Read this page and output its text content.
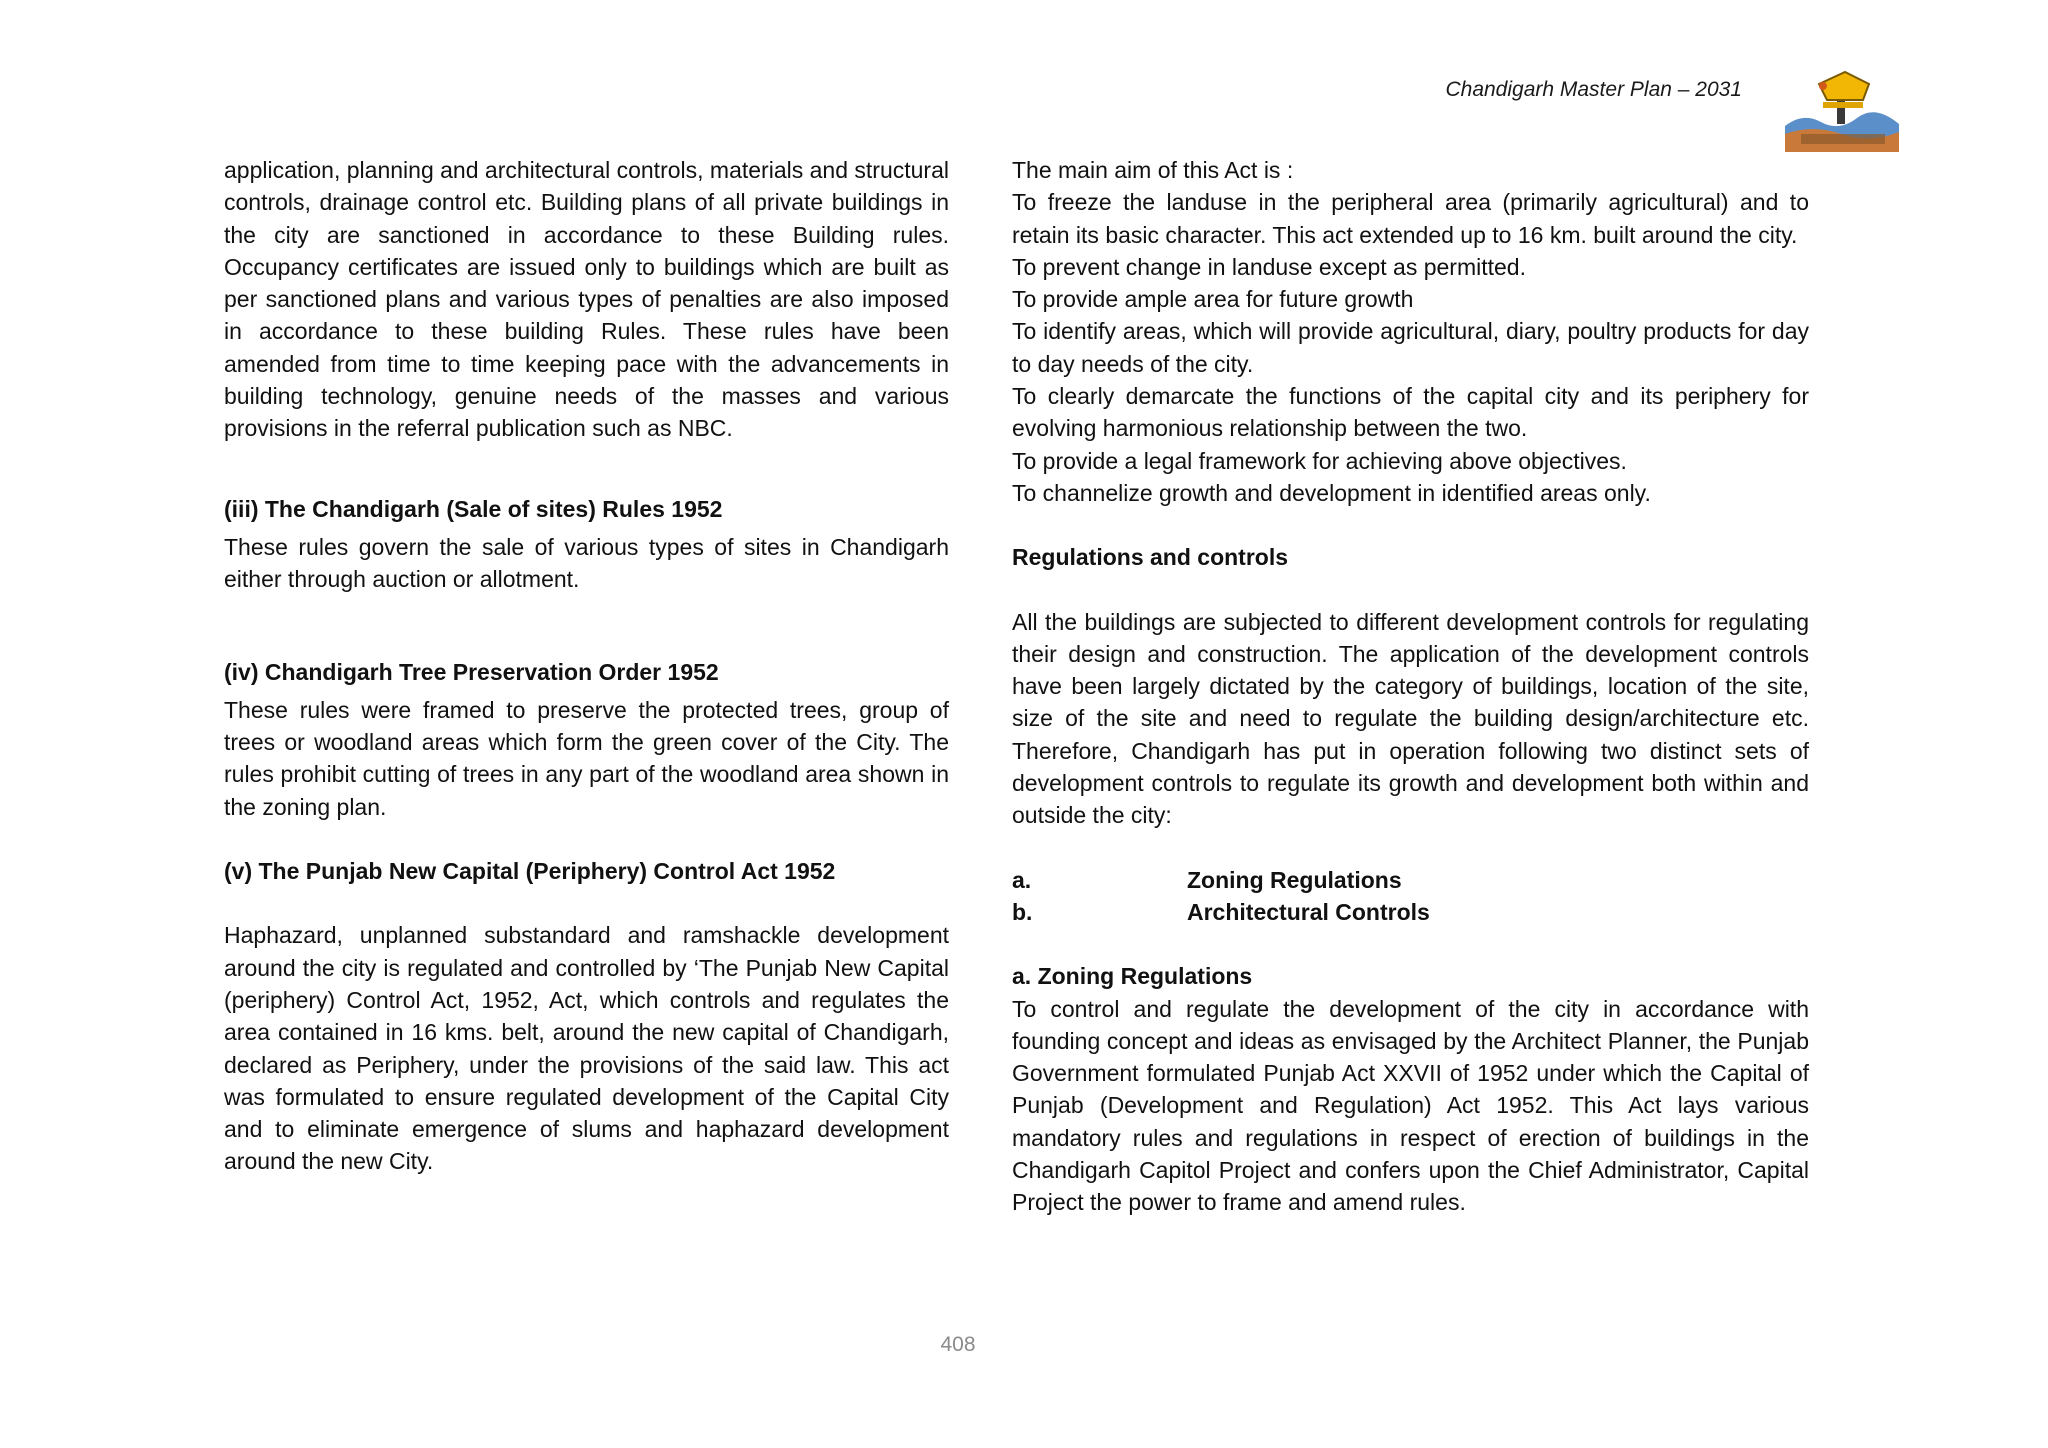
Chandigarh Master Plan – 2031

application, planning and architectural controls, materials and structural controls, drainage control etc. Building plans of all private buildings in the city are sanctioned in accordance to these Building rules. Occupancy certificates are issued only to buildings which are built as per sanctioned plans and various types of penalties are also imposed in accordance to these building Rules. These rules have been amended from time to time keeping pace with the advancements in building technology, genuine needs of the masses and various provisions in the referral publication such as NBC.

(iii) The Chandigarh (Sale of sites) Rules 1952

These rules govern the sale of various types of sites in Chandigarh either through auction or allotment.

(iv) Chandigarh Tree Preservation Order 1952

These rules were framed to preserve the protected trees, group of trees or woodland areas which form the green cover of the City. The rules prohibit cutting of trees in any part of the woodland area shown in the zoning plan.

(v) The Punjab New Capital (Periphery) Control Act 1952

Haphazard, unplanned substandard and ramshackle development around the city is regulated and controlled by ‘The Punjab New Capital (periphery) Control Act, 1952, Act, which controls and regulates the area contained in 16 kms. belt, around the new capital of Chandigarh, declared as Periphery, under the provisions of the said law. This act was formulated to ensure regulated development of the Capital City and to eliminate emergence of slums and haphazard development around the new City.

The main aim of this Act is :

To freeze the landuse in the peripheral area (primarily agricultural) and to retain its basic character. This act extended up to 16 km. built around the city.

To prevent change in landuse except as permitted.

To provide ample area for future growth

To identify areas, which will provide agricultural, diary, poultry products for day to day needs of the city.

To clearly demarcate the functions of the capital city and its periphery for evolving harmonious relationship between the two.

To provide a legal framework for achieving above objectives.

To channelize growth and development in identified areas only.

Regulations and controls

All the buildings are subjected to different development controls for regulating their design and construction. The application of the development controls have been largely dictated by the category of buildings, location of the site, size of the site and need to regulate the building design/architecture etc. Therefore, Chandigarh has put in operation following two distinct sets of development controls to regulate its growth and development both within and outside the city:

a.	Zoning Regulations
b.	Architectural Controls

a. Zoning Regulations

To control and regulate the development of the city in accordance with founding concept and ideas as envisaged by the Architect Planner, the Punjab Government formulated Punjab Act XXVII of 1952 under which the Capital of Punjab (Development and Regulation) Act 1952. This Act lays various mandatory rules and regulations in respect of erection of buildings in the Chandigarh Capitol Project and confers upon the Chief Administrator, Capital Project the power to frame and amend rules.

408
